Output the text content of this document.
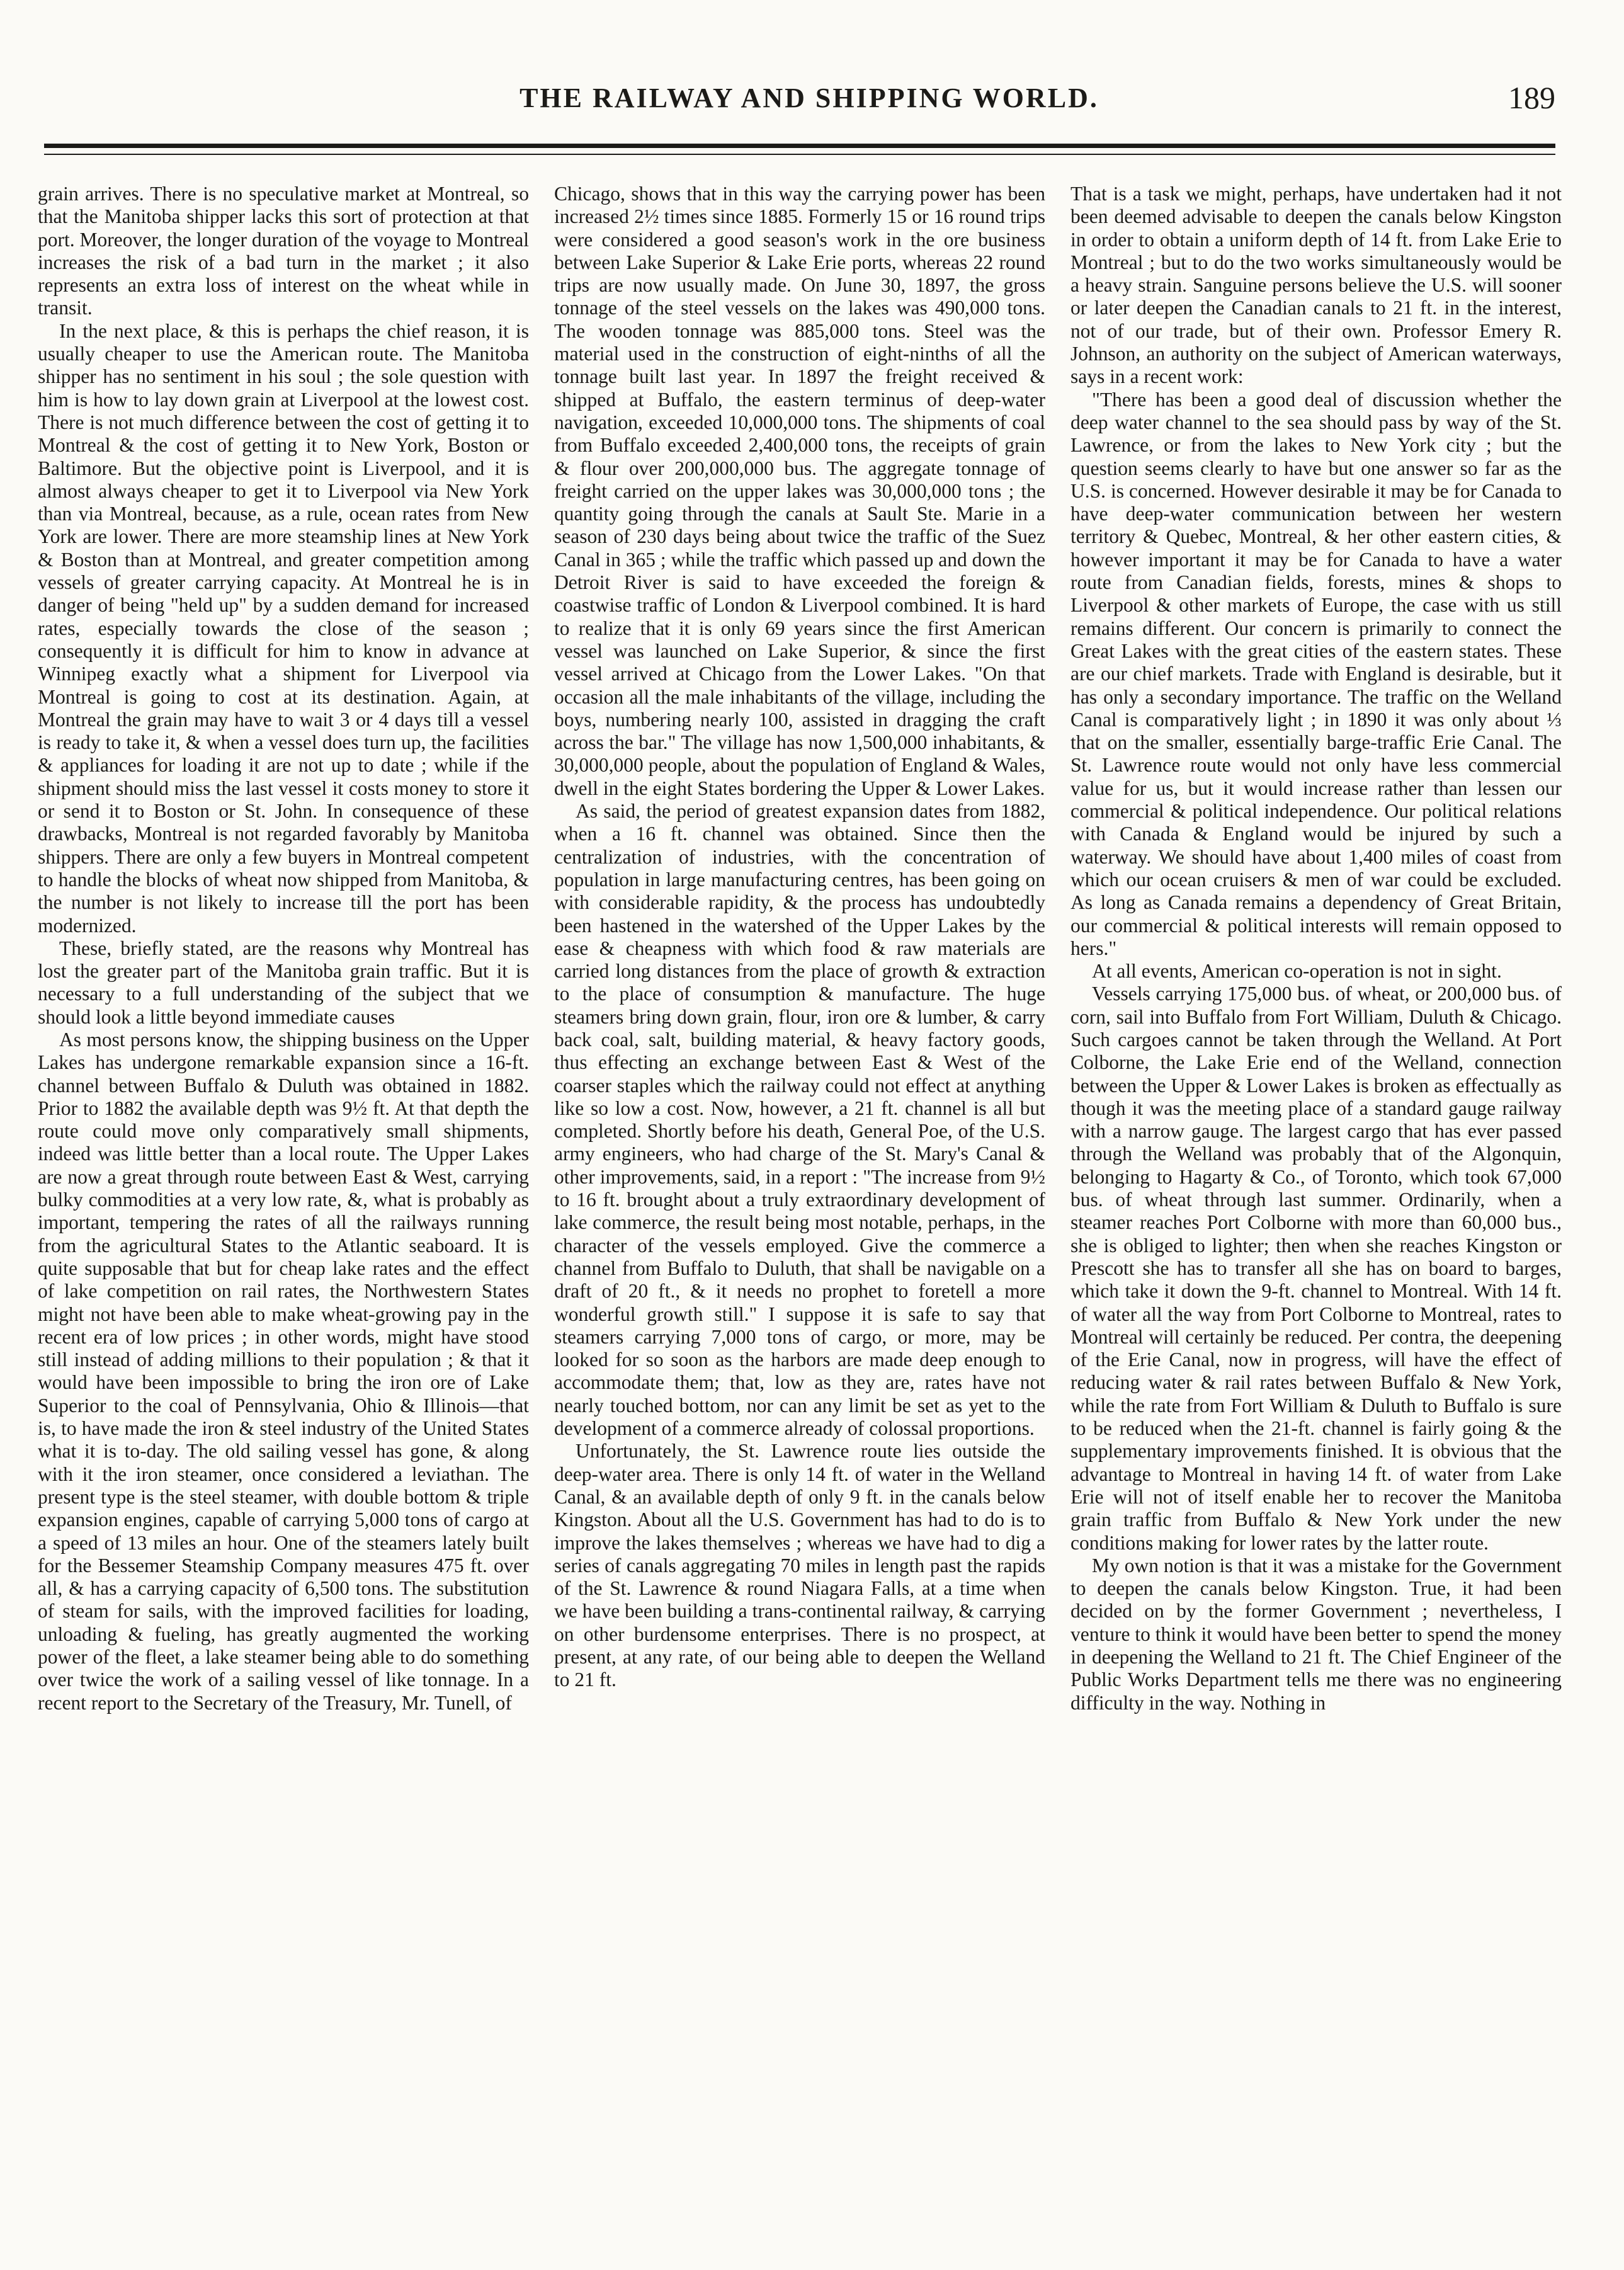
THE RAILWAY AND SHIPPING WORLD.	189

grain arrives. There is no speculative market at Montreal, so that the Manitoba shipper lacks this sort of protection at that port. Moreover, the longer duration of the voyage to Montreal increases the risk of a bad turn in the market ; it also represents an extra loss of interest on the wheat while in transit.

In the next place, & this is perhaps the chief reason, it is usually cheaper to use the American route. The Manitoba shipper has no sentiment in his soul ; the sole question with him is how to lay down grain at Liverpool at the lowest cost. There is not much difference between the cost of getting it to Montreal & the cost of getting it to New York, Boston or Baltimore. But the objective point is Liverpool, and it is almost always cheaper to get it to Liverpool via New York than via Montreal, because, as a rule, ocean rates from New York are lower. There are more steamship lines at New York & Boston than at Montreal, and greater competition among vessels of greater carrying capacity. At Montreal he is in danger of being "held up" by a sudden demand for increased rates, especially towards the close of the season ; consequently it is difficult for him to know in advance at Winnipeg exactly what a shipment for Liverpool via Montreal is going to cost at its destination. Again, at Montreal the grain may have to wait 3 or 4 days till a vessel is ready to take it, & when a vessel does turn up, the facilities & appliances for loading it are not up to date ; while if the shipment should miss the last vessel it costs money to store it or send it to Boston or St. John. In consequence of these drawbacks, Montreal is not regarded favorably by Manitoba shippers. There are only a few buyers in Montreal competent to handle the blocks of wheat now shipped from Manitoba, & the number is not likely to increase till the port has been modernized.

These, briefly stated, are the reasons why Montreal has lost the greater part of the Manitoba grain traffic. But it is necessary to a full understanding of the subject that we should look a little beyond immediate causes

As most persons know, the shipping business on the Upper Lakes has undergone remarkable expansion since a 16-ft. channel between Buffalo & Duluth was obtained in 1882. Prior to 1882 the available depth was 9½ ft. At that depth the route could move only comparatively small shipments, indeed was little better than a local route. The Upper Lakes are now a great through route between East & West, carrying bulky commodities at a very low rate, &, what is probably as important, tempering the rates of all the railways running from the agricultural States to the Atlantic seaboard. It is quite supposable that but for cheap lake rates and the effect of lake competition on rail rates, the Northwestern States might not have been able to make wheat-growing pay in the recent era of low prices ; in other words, might have stood still instead of adding millions to their population ; & that it would have been impossible to bring the iron ore of Lake Superior to the coal of Pennsylvania, Ohio & Illinois—that is, to have made the iron & steel industry of the United States what it is to-day. The old sailing vessel has gone, & along with it the iron steamer, once considered a leviathan. The present type is the steel steamer, with double bottom & triple expansion engines, capable of carrying 5,000 tons of cargo at a speed of 13 miles an hour. One of the steamers lately built for the Bessemer Steamship Company measures 475 ft. over all, & has a carrying capacity of 6,500 tons. The substitution of steam for sails, with the improved facilities for loading, unloading & fueling, has greatly augmented the working power of the fleet, a lake steamer being able to do something over twice the work of a sailing vessel of like tonnage. In a recent report to the Secretary of the Treasury, Mr. Tunell, of

Chicago, shows that in this way the carrying power has been increased 2½ times since 1885. Formerly 15 or 16 round trips were considered a good season's work in the ore business between Lake Superior & Lake Erie ports, whereas 22 round trips are now usually made. On June 30, 1897, the gross tonnage of the steel vessels on the lakes was 490,000 tons. The wooden tonnage was 885,000 tons. Steel was the material used in the construction of eight-ninths of all the tonnage built last year. In 1897 the freight received & shipped at Buffalo, the eastern terminus of deep-water navigation, exceeded 10,000,000 tons. The shipments of coal from Buffalo exceeded 2,400,000 tons, the receipts of grain & flour over 200,000,000 bus. The aggregate tonnage of freight carried on the upper lakes was 30,000,000 tons ; the quantity going through the canals at Sault Ste. Marie in a season of 230 days being about twice the traffic of the Suez Canal in 365 ; while the traffic which passed up and down the Detroit River is said to have exceeded the foreign & coastwise traffic of London & Liverpool combined. It is hard to realize that it is only 69 years since the first American vessel was launched on Lake Superior, & since the first vessel arrived at Chicago from the Lower Lakes. "On that occasion all the male inhabitants of the village, including the boys, numbering nearly 100, assisted in dragging the craft across the bar." The village has now 1,500,000 inhabitants, & 30,000,000 people, about the population of England & Wales, dwell in the eight States bordering the Upper & Lower Lakes.

As said, the period of greatest expansion dates from 1882, when a 16 ft. channel was obtained. Since then the centralization of industries, with the concentration of population in large manufacturing centres, has been going on with considerable rapidity, & the process has undoubtedly been hastened in the watershed of the Upper Lakes by the ease & cheapness with which food & raw materials are carried long distances from the place of growth & extraction to the place of consumption & manufacture. The huge steamers bring down grain, flour, iron ore & lumber, & carry back coal, salt, building material, & heavy factory goods, thus effecting an exchange between East & West of the coarser staples which the railway could not effect at anything like so low a cost. Now, however, a 21 ft. channel is all but completed. Shortly before his death, General Poe, of the U.S. army engineers, who had charge of the St. Mary's Canal & other improvements, said, in a report : "The increase from 9½ to 16 ft. brought about a truly extraordinary development of lake commerce, the result being most notable, perhaps, in the character of the vessels employed. Give the commerce a channel from Buffalo to Duluth, that shall be navigable on a draft of 20 ft., & it needs no prophet to foretell a more wonderful growth still." I suppose it is safe to say that steamers carrying 7,000 tons of cargo, or more, may be looked for so soon as the harbors are made deep enough to accommodate them; that, low as they are, rates have not nearly touched bottom, nor can any limit be set as yet to the development of a commerce already of colossal proportions.

Unfortunately, the St. Lawrence route lies outside the deep-water area. There is only 14 ft. of water in the Welland Canal, & an available depth of only 9 ft. in the canals below Kingston. About all the U.S. Government has had to do is to improve the lakes themselves ; whereas we have had to dig a series of canals aggregating 70 miles in length past the rapids of the St. Lawrence & round Niagara Falls, at a time when we have been building a trans-continental railway, & carrying on other burdensome enterprises. There is no prospect, at present, at any rate, of our being able to deepen the Welland to 21 ft.

That is a task we might, perhaps, have undertaken had it not been deemed advisable to deepen the canals below Kingston in order to obtain a uniform depth of 14 ft. from Lake Erie to Montreal ; but to do the two works simultaneously would be a heavy strain. Sanguine persons believe the U.S. will sooner or later deepen the Canadian canals to 21 ft. in the interest, not of our trade, but of their own. Professor Emery R. Johnson, an authority on the subject of American waterways, says in a recent work:

"There has been a good deal of discussion whether the deep water channel to the sea should pass by way of the St. Lawrence, or from the lakes to New York city ; but the question seems clearly to have but one answer so far as the U.S. is concerned. However desirable it may be for Canada to have deep-water communication between her western territory & Quebec, Montreal, & her other eastern cities, & however important it may be for Canada to have a water route from Canadian fields, forests, mines & shops to Liverpool & other markets of Europe, the case with us still remains different. Our concern is primarily to connect the Great Lakes with the great cities of the eastern states. These are our chief markets. Trade with England is desirable, but it has only a secondary importance. The traffic on the Welland Canal is comparatively light ; in 1890 it was only about ⅓ that on the smaller, essentially barge-traffic Erie Canal. The St. Lawrence route would not only have less commercial value for us, but it would increase rather than lessen our commercial & political independence. Our political relations with Canada & England would be injured by such a waterway. We should have about 1,400 miles of coast from which our ocean cruisers & men of war could be excluded. As long as Canada remains a dependency of Great Britain, our commercial & political interests will remain opposed to hers."

At all events, American co-operation is not in sight.

Vessels carrying 175,000 bus. of wheat, or 200,000 bus. of corn, sail into Buffalo from Fort William, Duluth & Chicago. Such cargoes cannot be taken through the Welland. At Port Colborne, the Lake Erie end of the Welland, connection between the Upper & Lower Lakes is broken as effectually as though it was the meeting place of a standard gauge railway with a narrow gauge. The largest cargo that has ever passed through the Welland was probably that of the Algonquin, belonging to Hagarty & Co., of Toronto, which took 67,000 bus. of wheat through last summer. Ordinarily, when a steamer reaches Port Colborne with more than 60,000 bus., she is obliged to lighter; then when she reaches Kingston or Prescott she has to transfer all she has on board to barges, which take it down the 9-ft. channel to Montreal. With 14 ft. of water all the way from Port Colborne to Montreal, rates to Montreal will certainly be reduced. Per contra, the deepening of the Erie Canal, now in progress, will have the effect of reducing water & rail rates between Buffalo & New York, while the rate from Fort William & Duluth to Buffalo is sure to be reduced when the 21-ft. channel is fairly going & the supplementary improvements finished. It is obvious that the advantage to Montreal in having 14 ft. of water from Lake Erie will not of itself enable her to recover the Manitoba grain traffic from Buffalo & New York under the new conditions making for lower rates by the latter route.

My own notion is that it was a mistake for the Government to deepen the canals below Kingston. True, it had been decided on by the former Government ; nevertheless, I venture to think it would have been better to spend the money in deepening the Welland to 21 ft. The Chief Engineer of the Public Works Department tells me there was no engineering difficulty in the way. Nothing in
